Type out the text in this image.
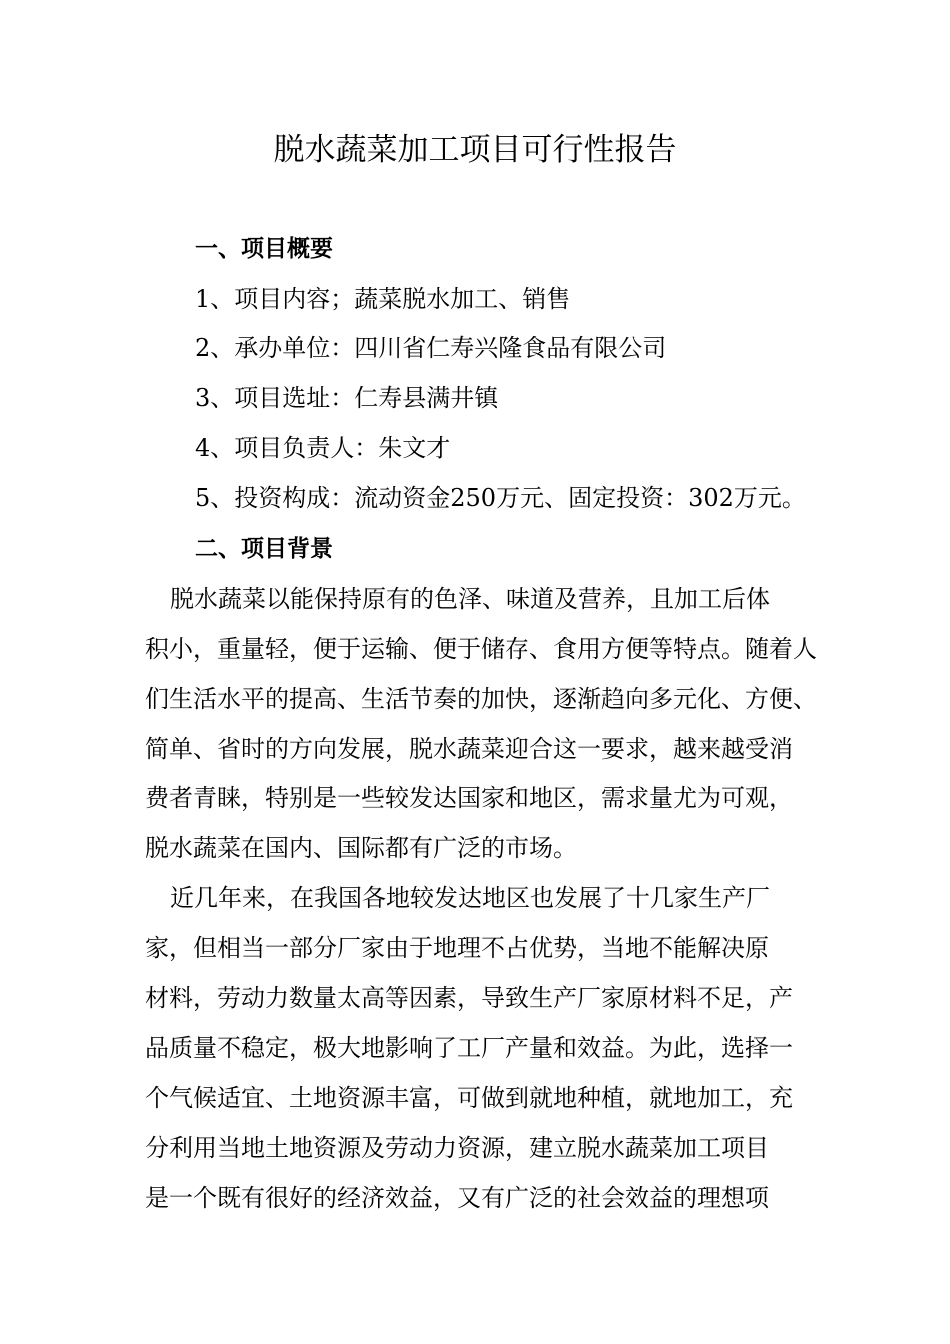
脱水蔬菜加工项目可行性报告
一、项目概要
1、项目内容；蔬菜脱水加工、销售
2、承办单位：四川省仁寿兴隆食品有限公司
3、项目选址：仁寿县满井镇
4、项目负责人：朱文才
5、投资构成：流动资金250万元、固定投资：302万元。
二、项目背景
脱水蔬菜以能保持原有的色泽、味道及营养，且加工后体
积小，重量轻，便于运输、便于储存、食用方便等特点。随着人
们生活水平的提高、生活节奏的加快，逐渐趋向多元化、方便、
简单、省时的方向发展，脱水蔬菜迎合这一要求，越来越受消
费者青睐，特别是一些较发达国家和地区，需求量尤为可观，
脱水蔬菜在国内、国际都有广泛的市场。
近几年来，在我国各地较发达地区也发展了十几家生产厂
家，但相当一部分厂家由于地理不占优势，当地不能解决原
材料，劳动力数量太高等因素，导致生产厂家原材料不足，产
品质量不稳定，极大地影响了工厂产量和效益。为此，选择一
个气候适宜、土地资源丰富，可做到就地种植，就地加工，充
分利用当地土地资源及劳动力资源，建立脱水蔬菜加工项目
是一个既有很好的经济效益，又有广泛的社会效益的理想项
